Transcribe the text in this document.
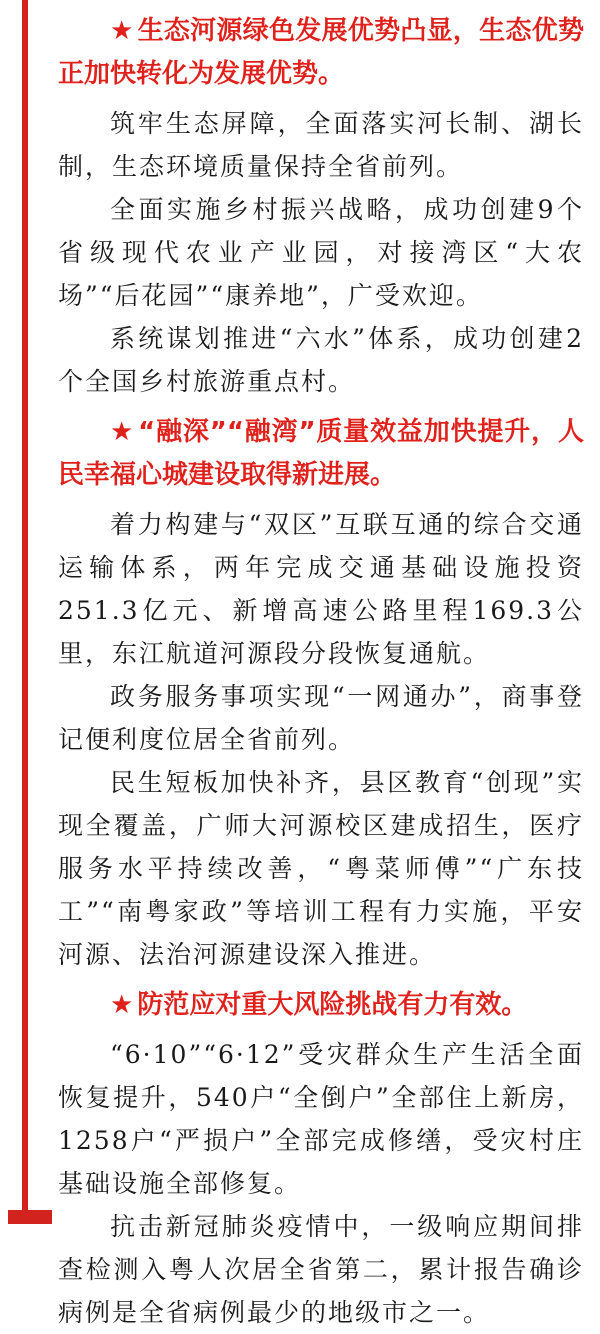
★ 生态河源绿色发展优势凸显，生态优势正加快转化为发展优势。

筑牢生态屏障，全面落实河长制、湖长制，生态环境质量保持全省前列。

全面实施乡村振兴战略，成功创建9个省级现代农业产业园，对接湾区“大农场”“后花园”“康养地”，广受欢迎。

系统谋划推进“六水”体系，成功创建2个全国乡村旅游重点村。

★ “融深”“融湾”质量效益加快提升，人民幸福心城建设取得新进展。

着力构建与“双区”互联互通的综合交通运输体系，两年完成交通基础设施投资251.3亿元、新增高速公路里程169.3公里，东江航道河源段分段恢复通航。

政务服务事项实现“一网通办”，商事登记便利度位居全省前列。

民生短板加快补齐，县区教育“创现”实现全覆盖，广师大河源校区建成招生，医疗服务水平持续改善，“粤菜师傅”“广东技工”“南粤家政”等培训工程有力实施，平安河源、法治河源建设深入推进。

★ 防范应对重大风险挑战有力有效。

“6·10”“6·12”受灾群众生产生活全面恢复提升，540户“全倒户”全部住上新房，1258户“严损户”全部完成修缮，受灾村庄基础设施全部修复。

抗击新冠肺炎疫情中，一级响应期间排查检测入粤人次居全省第二，累计报告确诊病例是全省病例最少的地级市之一。
